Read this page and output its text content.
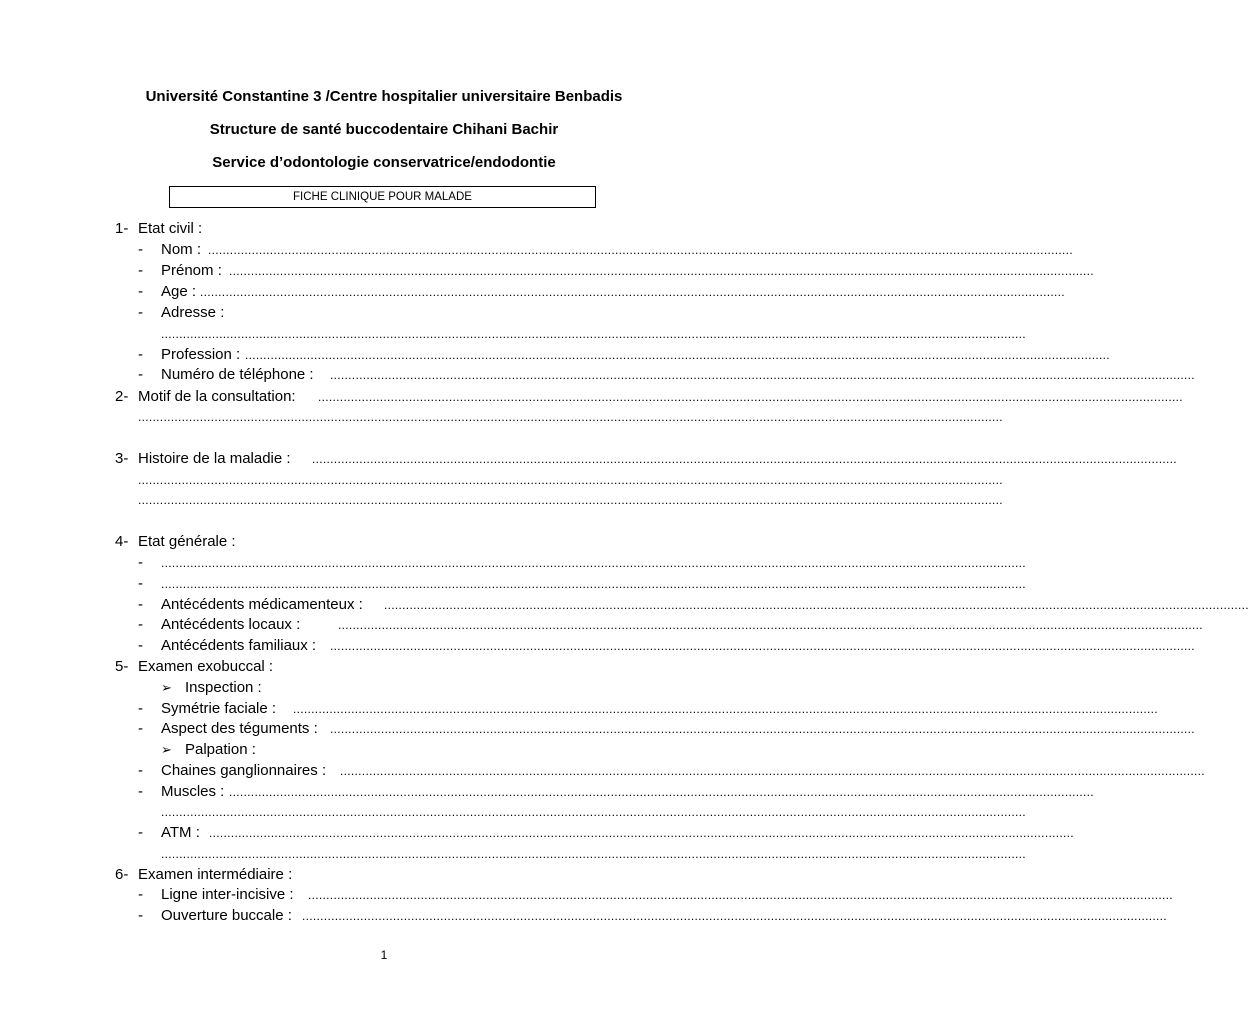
Université Constantine 3 /Centre hospitalier universitaire Benbadis
Structure de santé buccodentaire Chihani Bachir
Service d’odontologie conservatrice/endodontie
FICHE CLINIQUE POUR MALADE
1- Etat civil :
- Nom : ..............................................................................................................................................................................................................................................
- Prénom : ..............................................................................................................................................................................................................................................
- Age : ..............................................................................................................................................................................................................................................
- Adresse :
..............................................................................................................................................................................................................................................
- Profession : ..............................................................................................................................................................................................................................................
- Numéro de téléphone : ..............................................................................................................................................................................................................................................
2- Motif de la consultation: ..............................................................................................................................................................................................................................................
..............................................................................................................................................................................................................................................
3- Histoire de la maladie : ..............................................................................................................................................................................................................................................
..............................................................................................................................................................................................................................................
..............................................................................................................................................................................................................................................
4- Etat générale :
- ..............................................................................................................................................................................................................................................
- ..............................................................................................................................................................................................................................................
- Antécédents médicamenteux : ..............................................................................................................................................................................................................................................
- Antécédents locaux :	..............................................................................................................................................................................................................................................
- Antécédents familiaux : ..............................................................................................................................................................................................................................................
5- Examen exobuccal :
➢ Inspection :
- Symétrie faciale : ..............................................................................................................................................................................................................................................
- Aspect des téguments : ..............................................................................................................................................................................................................................................
➢ Palpation :
- Chaines ganglionnaires : ..............................................................................................................................................................................................................................................
- Muscles : ..............................................................................................................................................................................................................................................
..............................................................................................................................................................................................................................................
- ATM : ..............................................................................................................................................................................................................................................
..............................................................................................................................................................................................................................................
6- Examen intermédiaire :
- Ligne inter-incisive : ..............................................................................................................................................................................................................................................
- Ouverture buccale : ..............................................................................................................................................................................................................................................
1
